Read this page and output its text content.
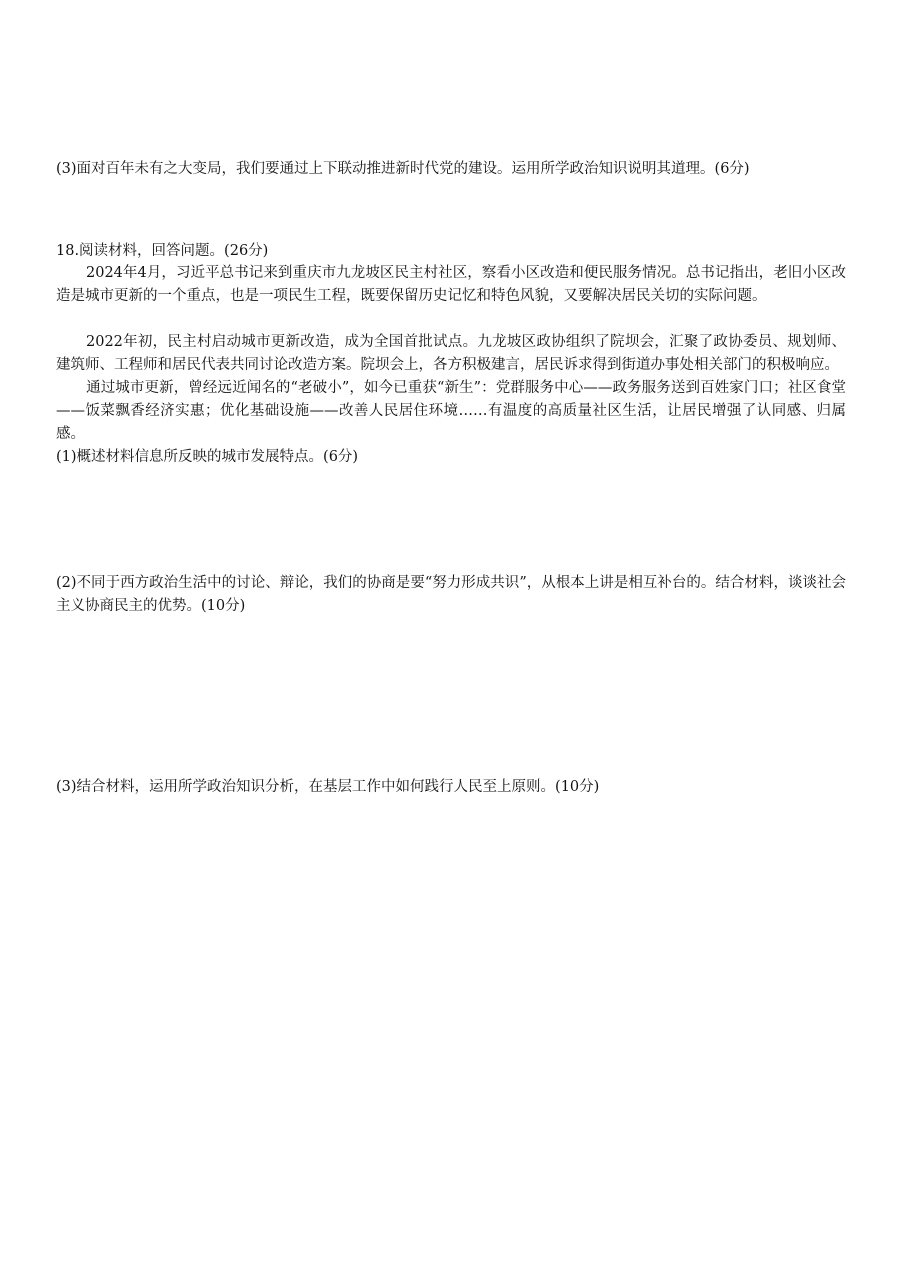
(3)面对百年未有之大变局，我们要通过上下联动推进新时代党的建设。运用所学政治知识说明其道理。(6分)
18.阅读材料，回答问题。(26分)
2024年4月，习近平总书记来到重庆市九龙坡区民主村社区，察看小区改造和便民服务情况。总书记指出，老旧小区改造是城市更新的一个重点，也是一项民生工程，既要保留历史记忆和特色风貌，又要解决居民关切的实际问题。
2022年初，民主村启动城市更新改造，成为全国首批试点。九龙坡区政协组织了院坝会，汇聚了政协委员、规划师、建筑师、工程师和居民代表共同讨论改造方案。院坝会上，各方积极建言，居民诉求得到街道办事处相关部门的积极响应。
通过城市更新，曾经远近闻名的“老破小”，如今已重获“新生”：党群服务中心——政务服务送到百姓家门口；社区食堂——饭菜飘香经济实惠；优化基础设施——改善人民居住环境……有温度的高质量社区生活，让居民增强了认同感、归属感。
(1)概述材料信息所反映的城市发展特点。(6分)
(2)不同于西方政治生活中的讨论、辩论，我们的协商是要“努力形成共识”，从根本上讲是相互补台的。结合材料，谈谈社会主义协商民主的优势。(10分)
(3)结合材料，运用所学政治知识分析，在基层工作中如何践行人民至上原则。(10分)
